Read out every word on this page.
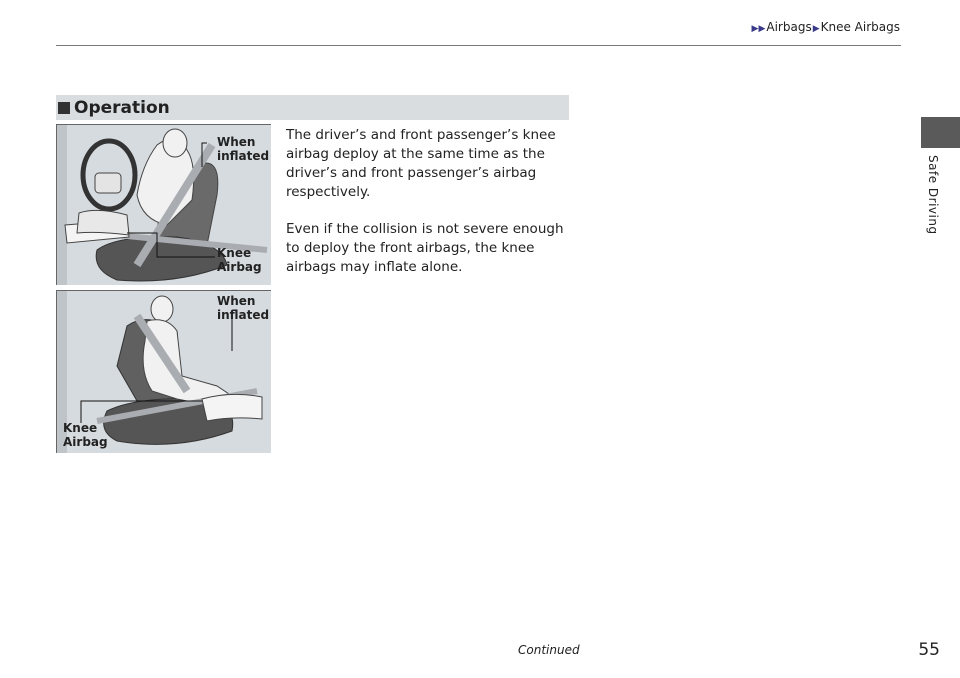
▶▶Airbags▶Knee Airbags
Safe Driving
Operation

The driver’s and front passenger’s knee airbag deploy at the same time as the driver’s and front passenger’s airbag respectively.

Even if the collision is not severe enough to deploy the front airbags, the knee airbags may inflate alone.

When
inflated
Knee
Airbag
When
inflated
Knee
Airbag
Continued	55
